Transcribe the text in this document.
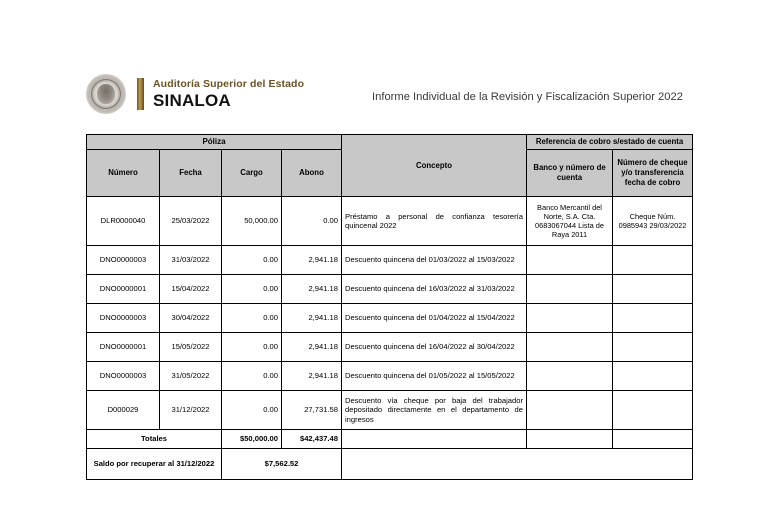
Auditoría Superior del Estado
SINALOA	Informe Individual de la Revisión y Fiscalización Superior 2022
Póliza				Concepto	Referencia de cobro s/estado de cuenta	
Número	Fecha	Cargo	Abono		Banco y número de cuenta	Número de cheque y/o transferencia fecha de cobro
DLR0000040	25/03/2022	50,000.00	0.00	Préstamo a personal de confianza tesorería quincenal 2022	Banco Mercantil del Norte, S.A. Cta. 0683067044 Lista de Raya 2011	Cheque Núm. 0985943 29/03/2022
DNO0000003	31/03/2022	0.00	2,941.18	Descuento quincena del 01/03/2022 al 15/03/2022		
DNO0000001	15/04/2022	0.00	2,941.18	Descuento quincena del 16/03/2022 al 31/03/2022		
DNO0000003	30/04/2022	0.00	2,941.18	Descuento quincena del 01/04/2022 al 15/04/2022		
DNO0000001	15/05/2022	0.00	2,941.18	Descuento quincena del 16/04/2022 al 30/04/2022		
DNO0000003	31/05/2022	0.00	2,941.18	Descuento quincena del 01/05/2022 al 15/05/2022		
D000029	31/12/2022	0.00	27,731.58	Descuento vía cheque por baja del trabajador depositado directamente en el departamento de ingresos		
Totales		$50,000.00	$42,437.48			
Saldo por recuperar al 31/12/2022		$7,562.52				
